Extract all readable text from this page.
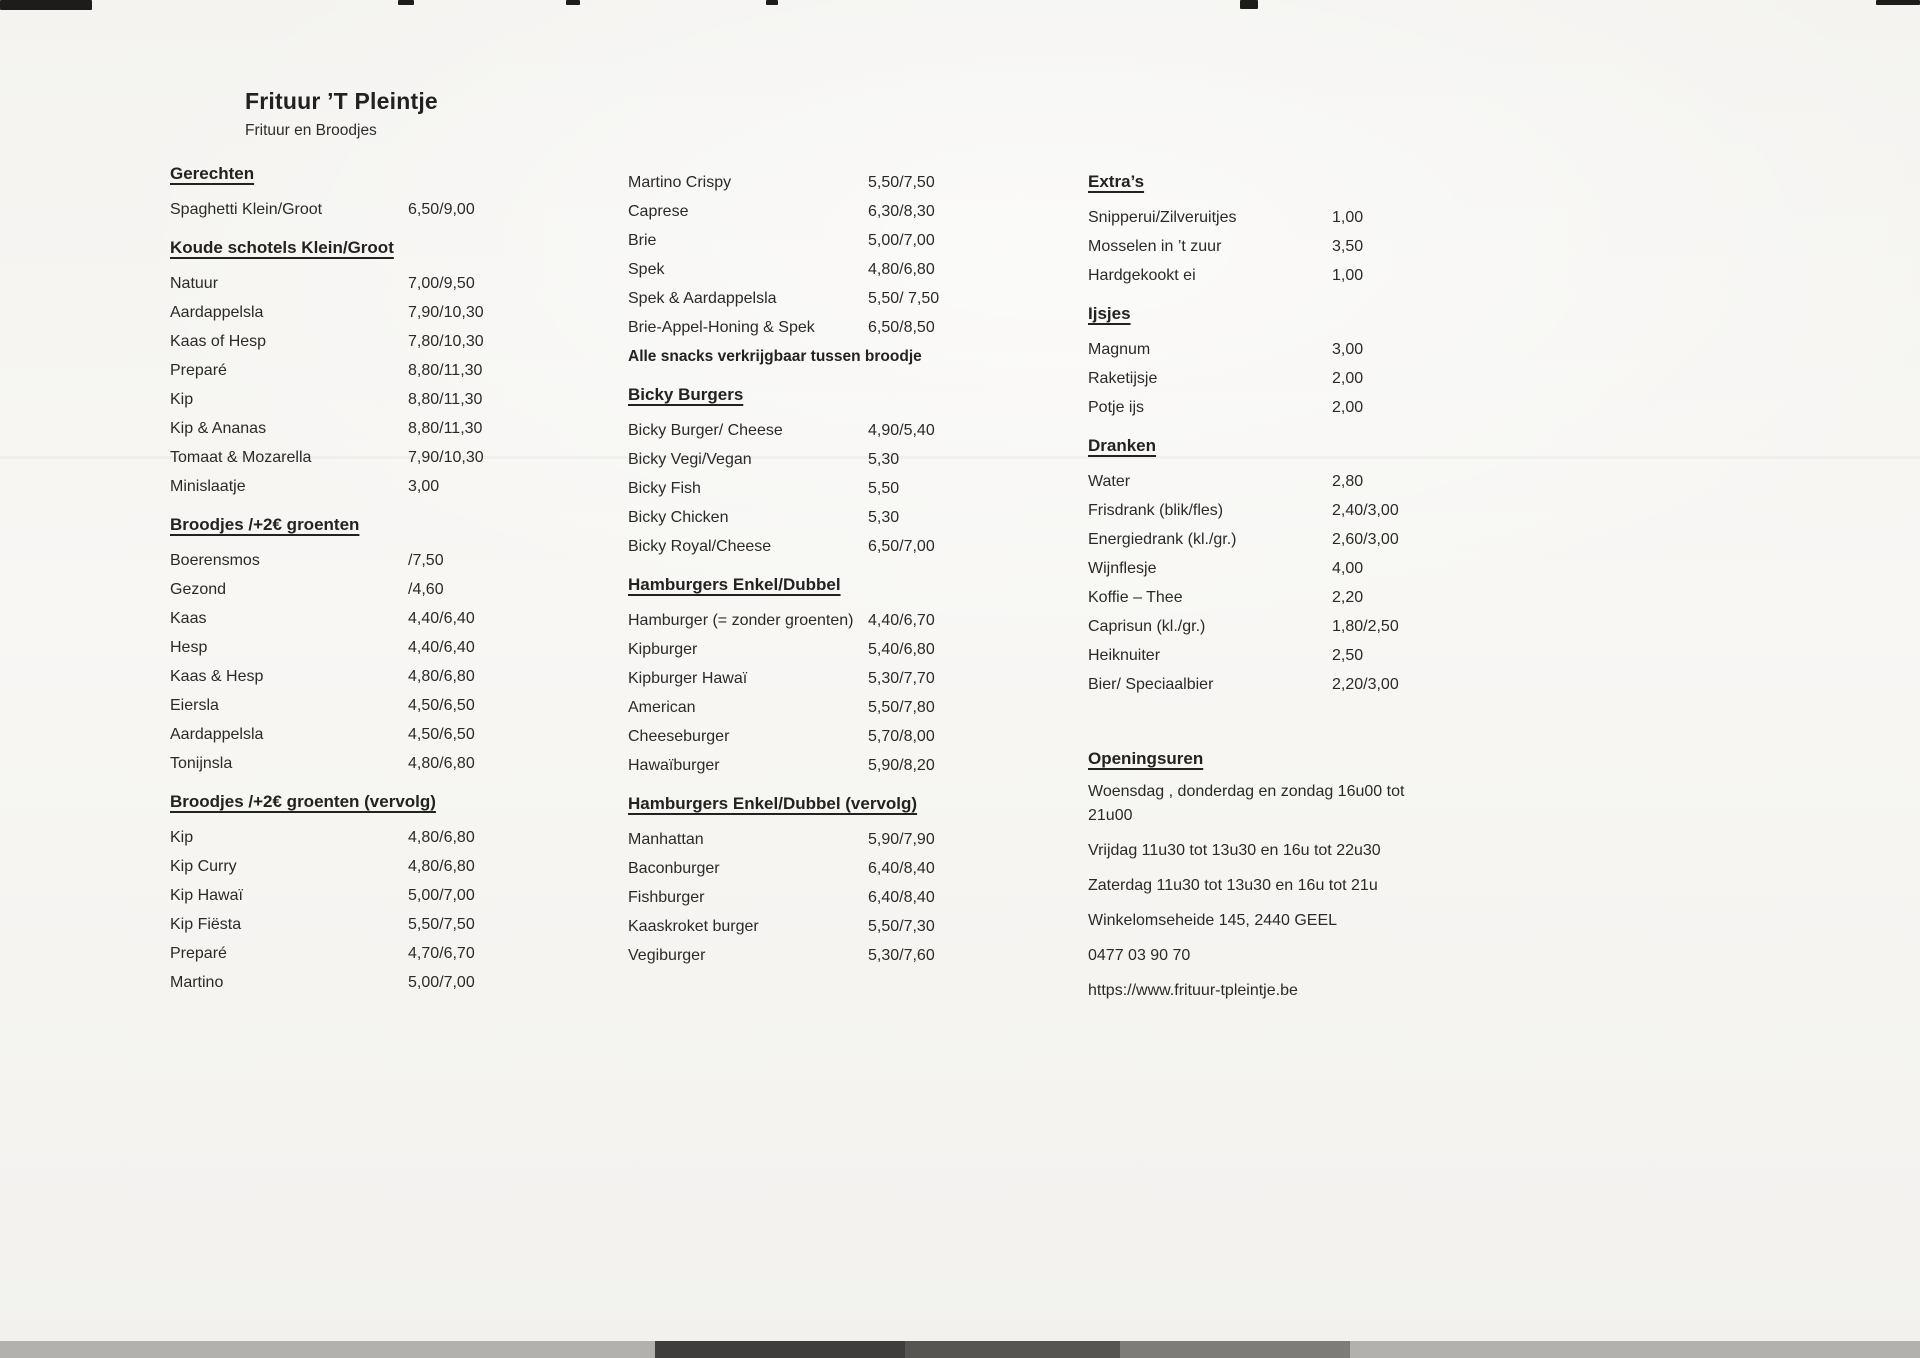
Frituur ’T Pleintje
Frituur en Broodjes
Gerechten
Spaghetti Klein/Groot	6,50/9,00
Koude schotels Klein/Groot
Natuur	7,00/9,50
Aardappelsla	7,90/10,30
Kaas of Hesp	7,80/10,30
Preparé	8,80/11,30
Kip	8,80/11,30
Kip & Ananas	8,80/11,30
Tomaat & Mozarella	7,90/10,30
Minislaatje	3,00
Broodjes /+2€ groenten
Boerensmos	/7,50
Gezond	/4,60
Kaas	4,40/6,40
Hesp	4,40/6,40
Kaas & Hesp	4,80/6,80
Eiersla	4,50/6,50
Aardappelsla	4,50/6,50
Tonijnsla	4,80/6,80
Broodjes /+2€ groenten (vervolg)
Kip	4,80/6,80
Kip Curry	4,80/6,80
Kip Hawaï	5,00/7,00
Kip Fiësta	5,50/7,50
Preparé	4,70/6,70
Martino	5,00/7,00
Martino Crispy	5,50/7,50
Caprese	6,30/8,30
Brie	5,00/7,00
Spek	4,80/6,80
Spek & Aardappelsla	5,50/ 7,50
Brie-Appel-Honing & Spek	6,50/8,50
Alle snacks verkrijgbaar tussen broodje
Bicky Burgers
Bicky Burger/ Cheese	4,90/5,40
Bicky Vegi/Vegan	5,30
Bicky Fish	5,50
Bicky Chicken	5,30
Bicky Royal/Cheese	6,50/7,00
Hamburgers Enkel/Dubbel
Hamburger (= zonder groenten) 4,40/6,70
Kipburger	5,40/6,80
Kipburger Hawaï	5,30/7,70
American	5,50/7,80
Cheeseburger	5,70/8,00
Hawaïburger	5,90/8,20
Hamburgers Enkel/Dubbel (vervolg)
Manhattan	5,90/7,90
Baconburger	6,40/8,40
Fishburger	6,40/8,40
Kaaskroket burger	5,50/7,30
Vegiburger	5,30/7,60
Extra’s
Snipperui/Zilveruitjes	1,00
Mosselen in ’t zuur	3,50
Hardgekookt ei	1,00
Ijsjes
Magnum	3,00
Raketijsje	2,00
Potje ijs	2,00
Dranken
Water	2,80
Frisdrank (blik/fles)	2,40/3,00
Energiedrank (kl./gr.)	2,60/3,00
Wijnflesje	4,00
Koffie – Thee	2,20
Caprisun (kl./gr.)	1,80/2,50
Heiknuiter	2,50
Bier/ Speciaalbier	2,20/3,00
Openingsuren
Woensdag , donderdag en zondag 16u00 tot 21u00
Vrijdag 11u30 tot 13u30 en 16u tot 22u30
Zaterdag 11u30 tot 13u30 en 16u tot 21u
Winkelomseheide 145, 2440 GEEL
0477 03 90 70
https://www.frituur-tpleintje.be
